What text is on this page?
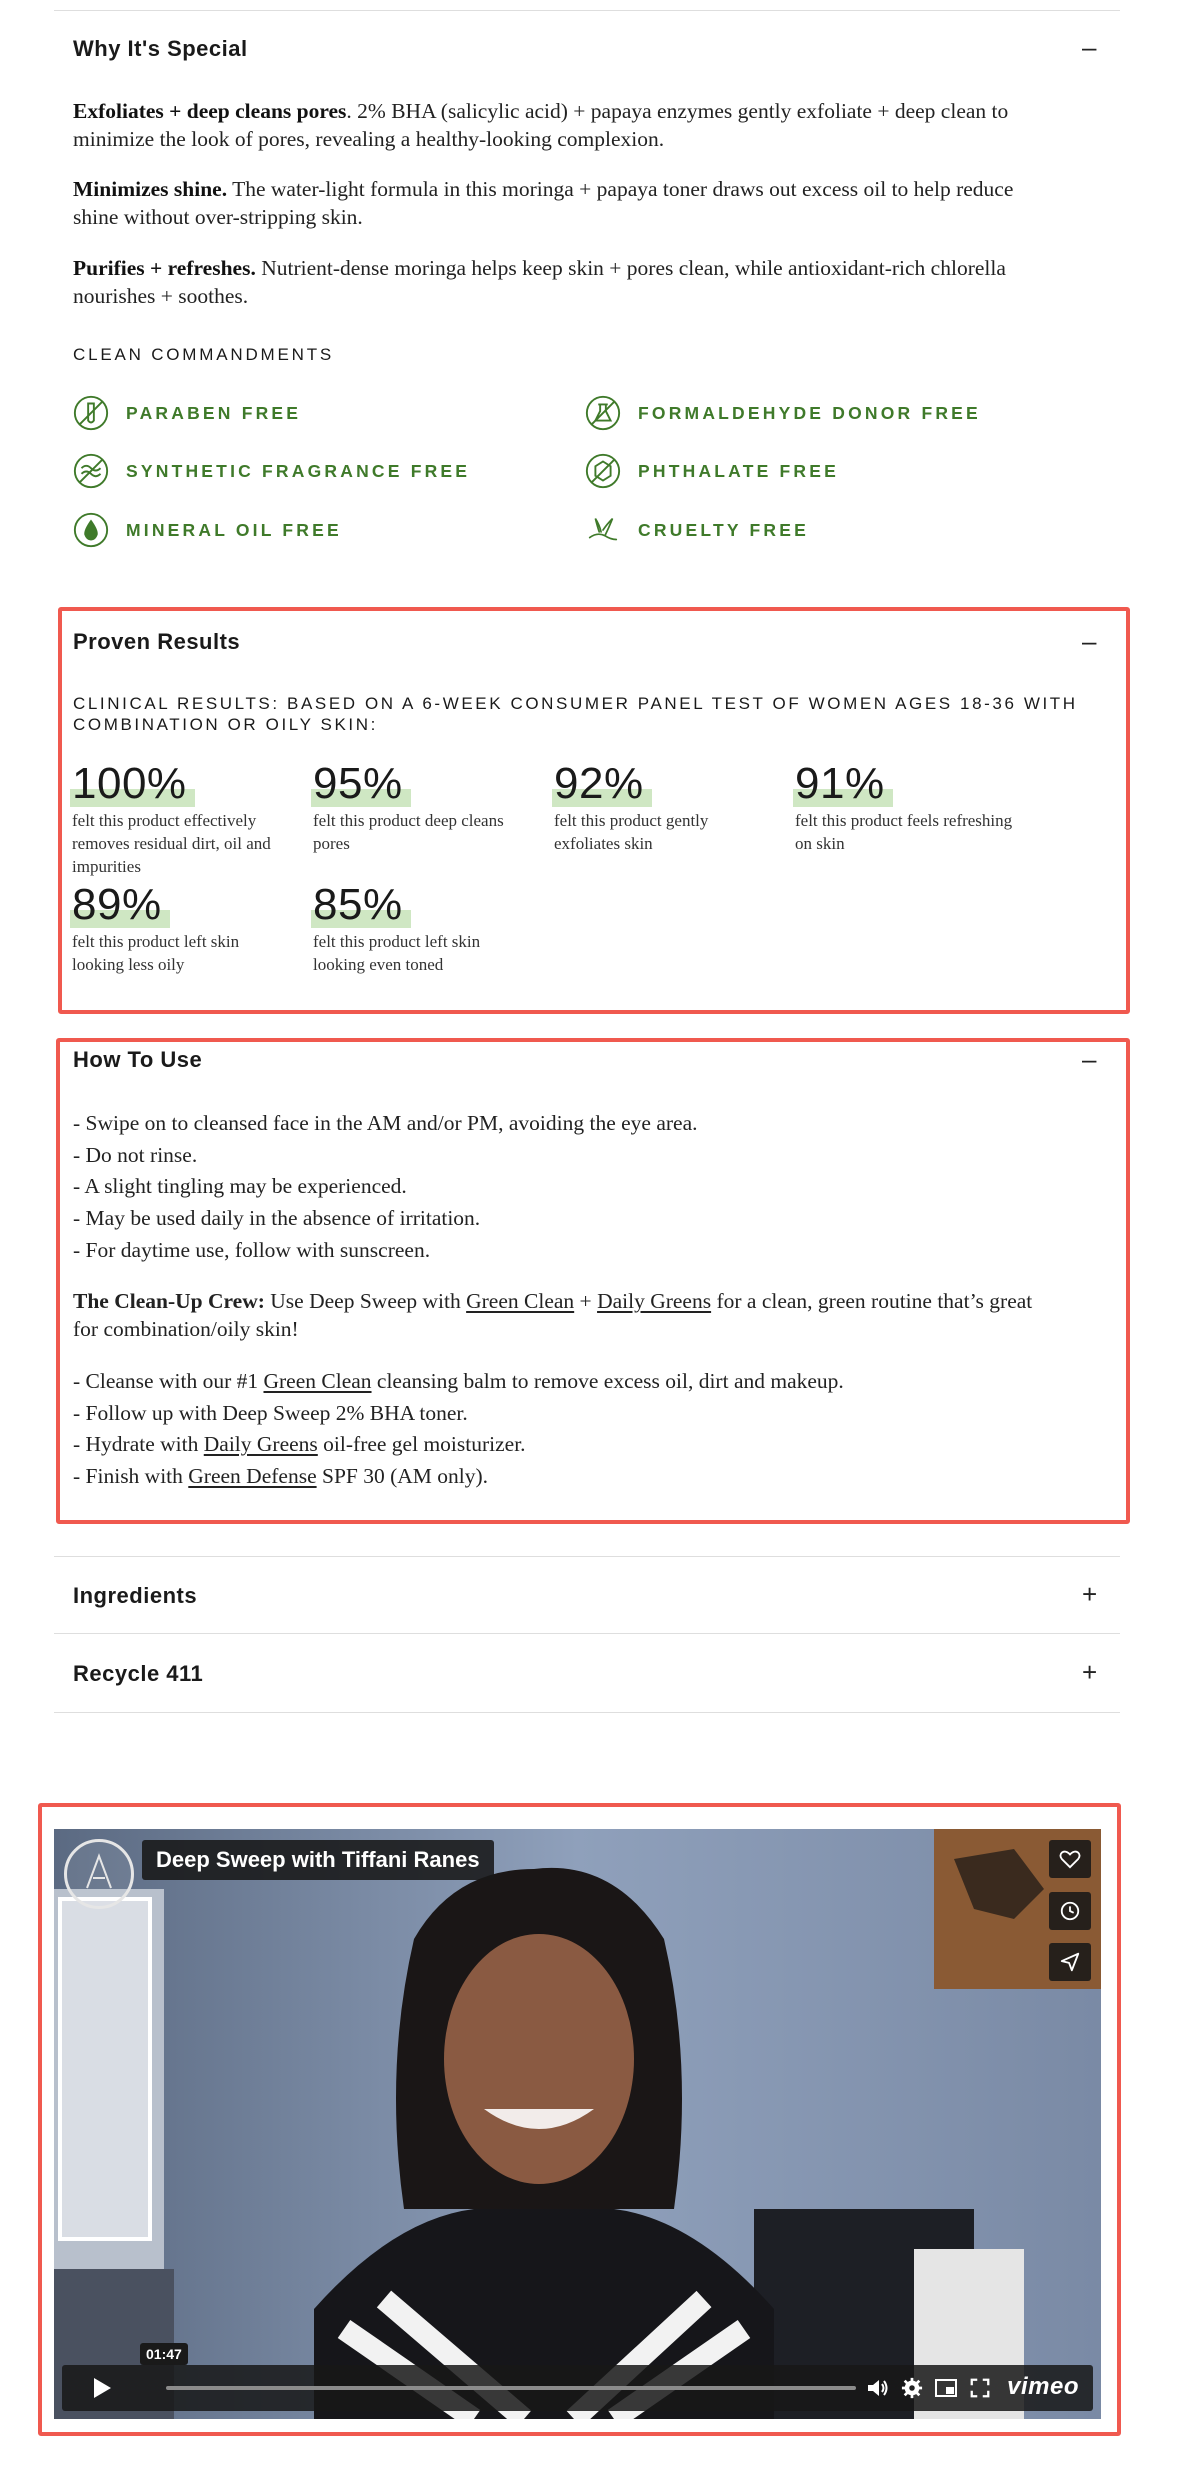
Why It's Special	–

Exfoliates + deep cleans pores. 2% BHA (salicylic acid) + papaya enzymes gently exfoliate + deep clean to minimize the look of pores, revealing a healthy-looking complexion.

Minimizes shine. The water-light formula in this moringa + papaya toner draws out excess oil to help reduce shine without over-stripping skin.

Purifies + refreshes. Nutrient-dense moringa helps keep skin + pores clean, while antioxidant-rich chlorella nourishes + soothes.

CLEAN COMMANDMENTS
PARABEN FREE	FORMALDEHYDE DONOR FREE
SYNTHETIC FRAGRANCE FREE	PHTHALATE FREE
MINERAL OIL FREE	CRUELTY FREE
Proven Results	–
CLINICAL RESULTS: BASED ON A 6-WEEK CONSUMER PANEL TEST OF WOMEN AGES 18-36 WITH COMBINATION OR OILY SKIN:
100%
felt this product effectively removes residual dirt, oil and impurities
95%
felt this product deep cleans pores
92%
felt this product gently exfoliates skin
91%
felt this product feels refreshing on skin
89%
felt this product left skin looking less oily
85%
felt this product left skin looking even toned
How To Use	–
- Swipe on to cleansed face in the AM and/or PM, avoiding the eye area.
- Do not rinse.
- A slight tingling may be experienced.
- May be used daily in the absence of irritation.
- For daytime use, follow with sunscreen.

The Clean-Up Crew: Use Deep Sweep with Green Clean + Daily Greens for a clean, green routine that’s great for combination/oily skin!

- Cleanse with our #1 Green Clean cleansing balm to remove excess oil, dirt and makeup.
- Follow up with Deep Sweep 2% BHA toner.
- Hydrate with Daily Greens oil-free gel moisturizer.
- Finish with Green Defense SPF 30 (AM only).
Ingredients	+
Recycle 411	+
Deep Sweep with Tiffani Ranes
01:47
vimeo
